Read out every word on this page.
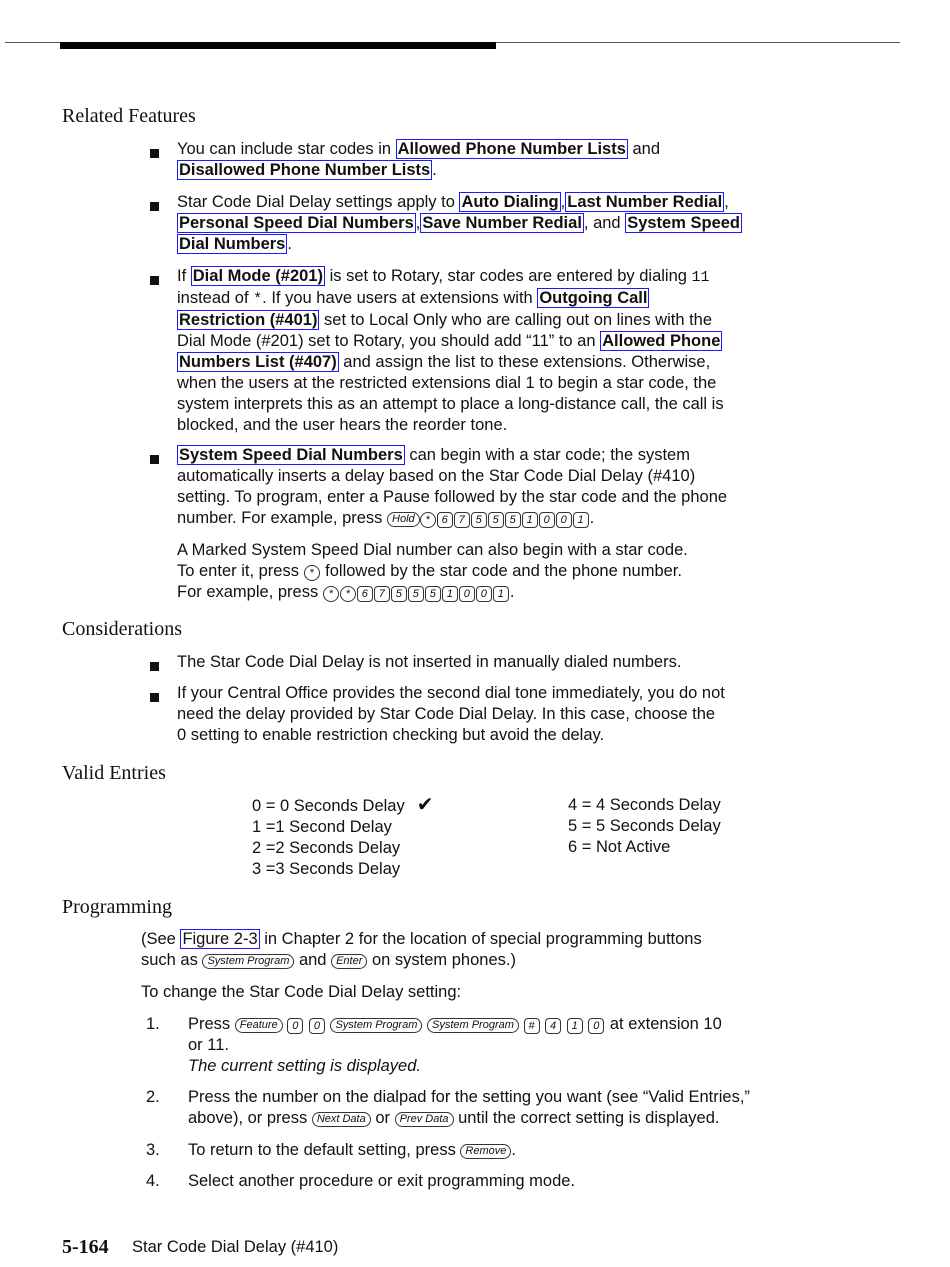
Related Features
You can include star codes in Allowed Phone Number Lists and
Disallowed Phone Number Lists .
Star Code Dial Delay settings apply to Auto Dialing , Last Number Redial ,
Personal Speed Dial Numbers , Save Number Redial , and System Speed
Dial Numbers .
If Dial Mode (#201) is set to Rotary, star codes are entered by dialing 11
instead of *. If you have users at extensions with Outgoing Call
Restriction (#401) set to Local Only who are calling out on lines with the
Dial Mode (#201) set to Rotary, you should add “11” to an Allowed Phone
Numbers List (#407) and assign the list to these extensions. Otherwise,
when the users at the restricted extensions dial 1 to begin a star code, the
system interprets this as an attempt to place a long-distance call, the call is
blocked, and the user hears the reorder tone.
System Speed Dial Numbers can begin with a star code; the system
automatically inserts a delay based on the Star Code Dial Delay (#410)
setting. To program, enter a Pause followed by the star code and the phone
number. For example, press Hold * 6 7 5 5 5 1 0 0 1 .
A Marked System Speed Dial number can also begin with a star code.
To enter it, press * followed by the star code and the phone number.
For example, press * * 6 7 5 5 5 1 0 0 1 .
Considerations
The Star Code Dial Delay is not inserted in manually dialed numbers.
If your Central Office provides the second dial tone immediately, you do not
need the delay provided by Star Code Dial Delay. In this case, choose the
0 setting to enable restriction checking but avoid the delay.
Valid Entries
0 = 0 Seconds Delay ✔
1 =1 Second Delay
2 =2 Seconds Delay
3 =3 Seconds Delay
4 = 4 Seconds Delay
5 = 5 Seconds Delay
6 = Not Active
Programming
(See Figure 2-3 in Chapter 2 for the location of special programming buttons
such as System Program and Enter on system phones.)
To change the Star Code Dial Delay setting:
1. Press Feature 0 0 System Program System Program # 4 1 0 at extension 10
or 11.
The current setting is displayed.
2. Press the number on the dialpad for the setting you want (see “Valid Entries,”
above), or press Next Data or Prev Data until the correct setting is displayed.
3. To return to the default setting, press Remove .
4. Select another procedure or exit programming mode.
5-164 Star Code Dial Delay (#410)
